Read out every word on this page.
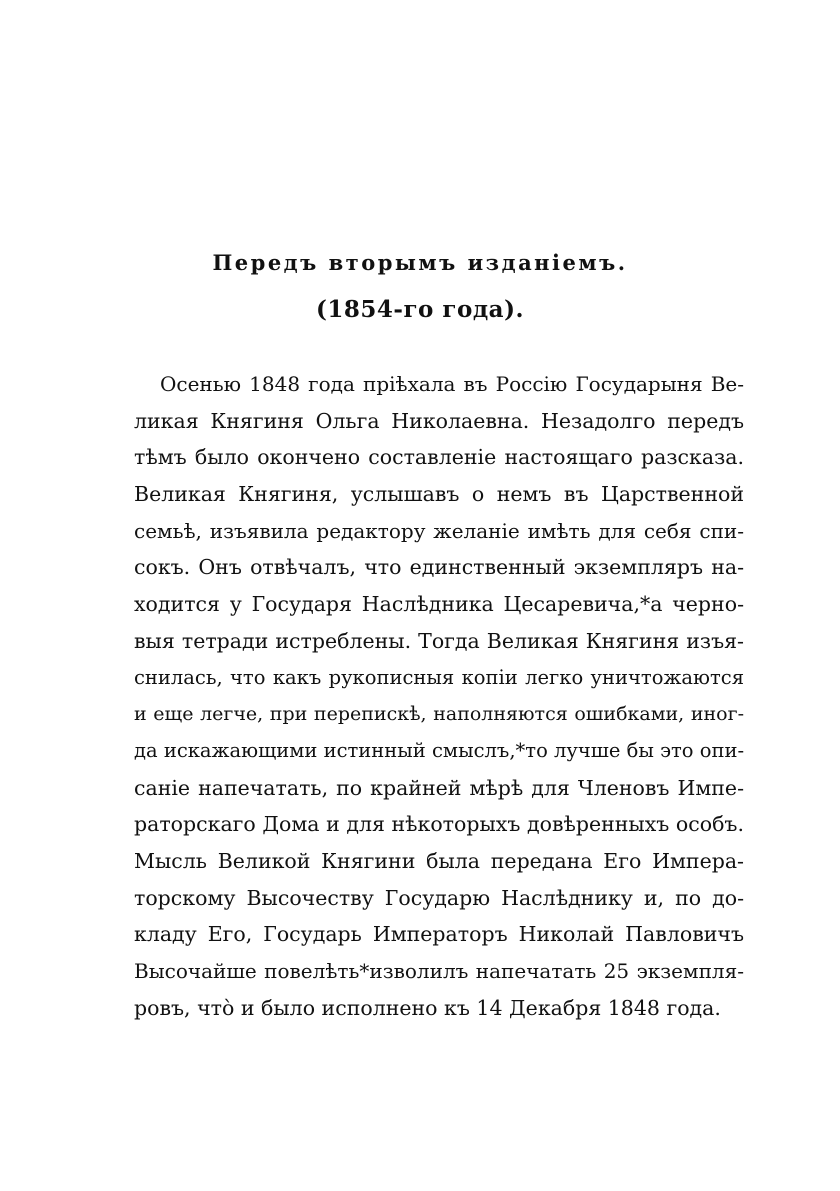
Передъ вторымъ изданіемъ.
(1854-го года).
Осенью 1848 года пріѣхала въ Россію Государыня Ве-
ликая Княгиня Ольга Николаевна. Незадолго передъ
тѣмъ было окончено составленіе настоящаго разсказа.
Великая Княгиня, услышавъ о немъ въ Царственной
семьѣ, изъявила редактору желаніе имѣть для себя спи-
сокъ. Онъ отвѣчалъ, что единственный экземпляръ на-
ходится у Государя Наслѣдника Цесаревича,*а черно-
выя тетради истреблены. Тогда Великая Княгиня изъя-
снилась, что какъ рукописныя копіи легко уничтожаются
и еще легче, при перепискѣ, наполняются ошибками, иног-
да искажающими истинный смыслъ,*то лучше бы это опи-
саніе напечатать, по крайней мѣрѣ для Членовъ Импе-
раторскаго Дома и для нѣкоторыхъ довѣренныхъ особъ.
Мысль Великой Княгини была передана Его Импера-
торскому Высочеству Государю Наслѣднику и, по до-
кладу Его, Государь Императоръ Николай Павловичъ
Высочайше повелѣть*изволилъ напечатать 25 экземпля-
ровъ, что̀ и было исполнено къ 14 Декабря 1848 года.
